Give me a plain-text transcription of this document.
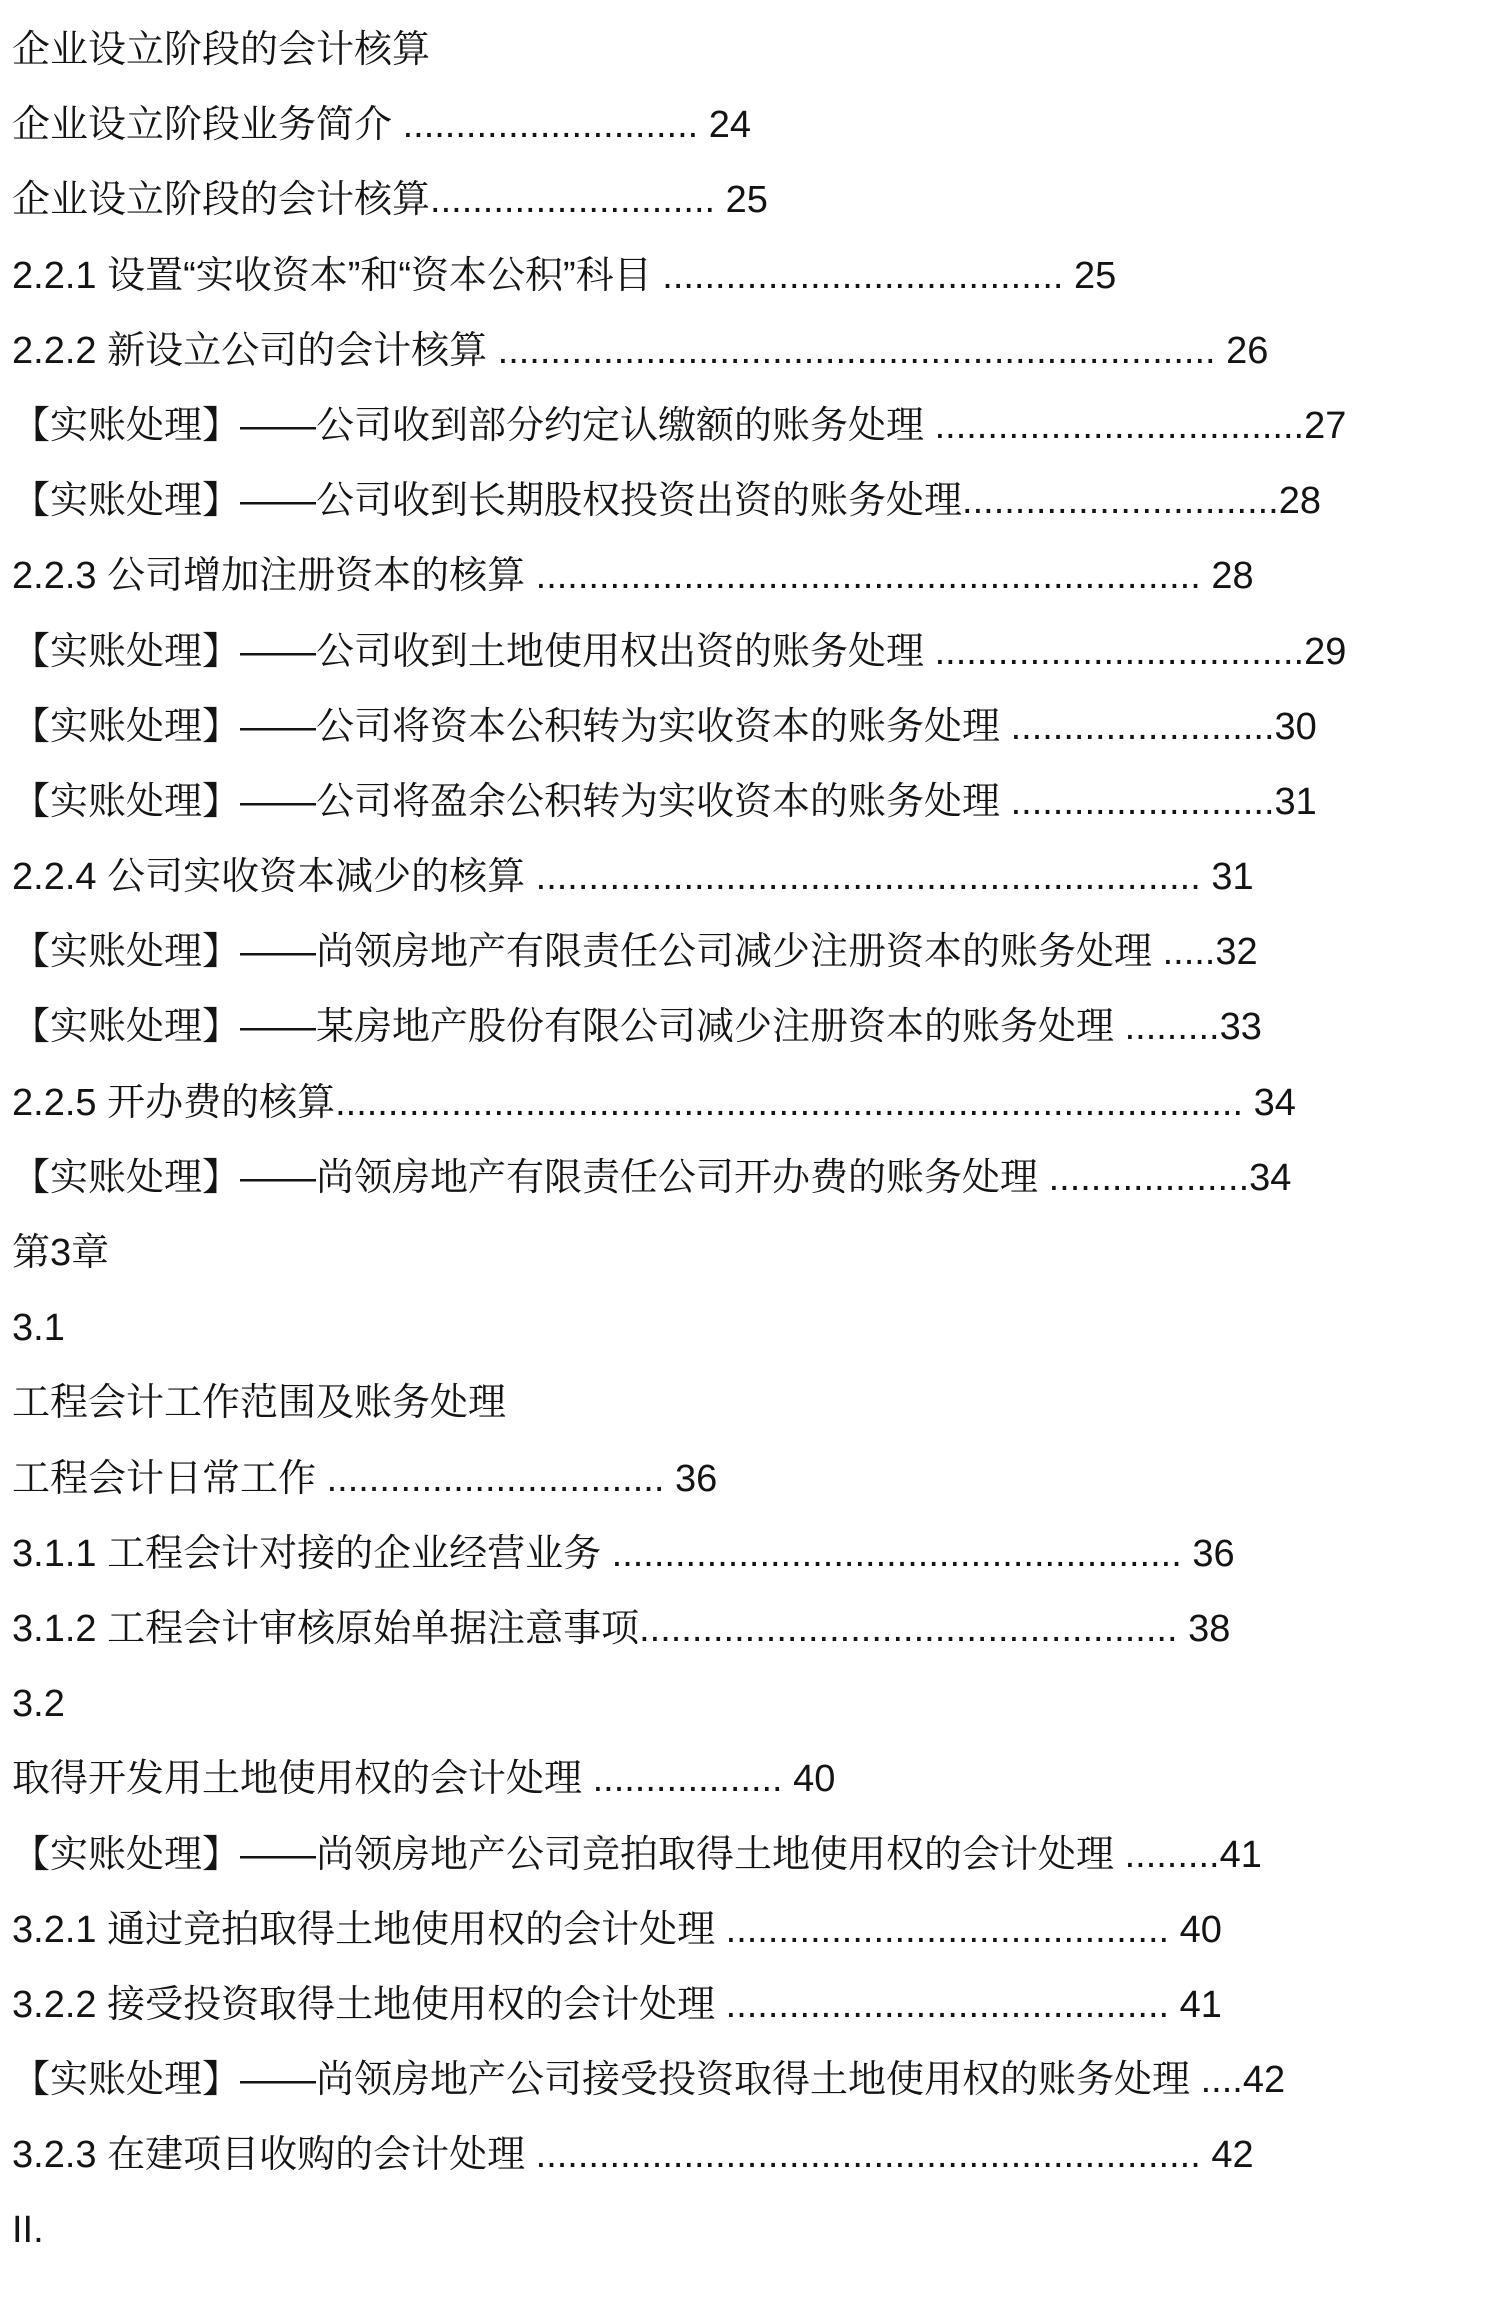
企业设立阶段的会计核算
企业设立阶段业务简介 ............................ 24
企业设立阶段的会计核算........................... 25
2.2.1 设置“实收资本”和“资本公积”科目 ...................................... 25
2.2.2 新设立公司的会计核算 .................................................................... 26
【实账处理】——公司收到部分约定认缴额的账务处理 ...................................27
【实账处理】——公司收到长期股权投资出资的账务处理..............................28
2.2.3 公司增加注册资本的核算 ............................................................... 28
【实账处理】——公司收到土地使用权出资的账务处理 ...................................29
【实账处理】——公司将资本公积转为实收资本的账务处理 .........................30
【实账处理】——公司将盈余公积转为实收资本的账务处理 .........................31
2.2.4 公司实收资本减少的核算 ............................................................... 31
【实账处理】——尚领房地产有限责任公司减少注册资本的账务处理 .....32
【实账处理】——某房地产股份有限公司减少注册资本的账务处理 .........33
2.2.5 开办费的核算...................................................................................... 34
【实账处理】——尚领房地产有限责任公司开办费的账务处理 ...................34
第3章
3.1
工程会计工作范围及账务处理
工程会计日常工作 ................................ 36
3.1.1 工程会计对接的企业经营业务 ...................................................... 36
3.1.2 工程会计审核原始单据注意事项................................................... 38
3.2
取得开发用土地使用权的会计处理 .................. 40
【实账处理】——尚领房地产公司竞拍取得土地使用权的会计处理 .........41
3.2.1 通过竞拍取得土地使用权的会计处理 .......................................... 40
3.2.2 接受投资取得土地使用权的会计处理 .......................................... 41
【实账处理】——尚领房地产公司接受投资取得土地使用权的账务处理 ....42
3.2.3 在建项目收购的会计处理 ............................................................... 42
II.
